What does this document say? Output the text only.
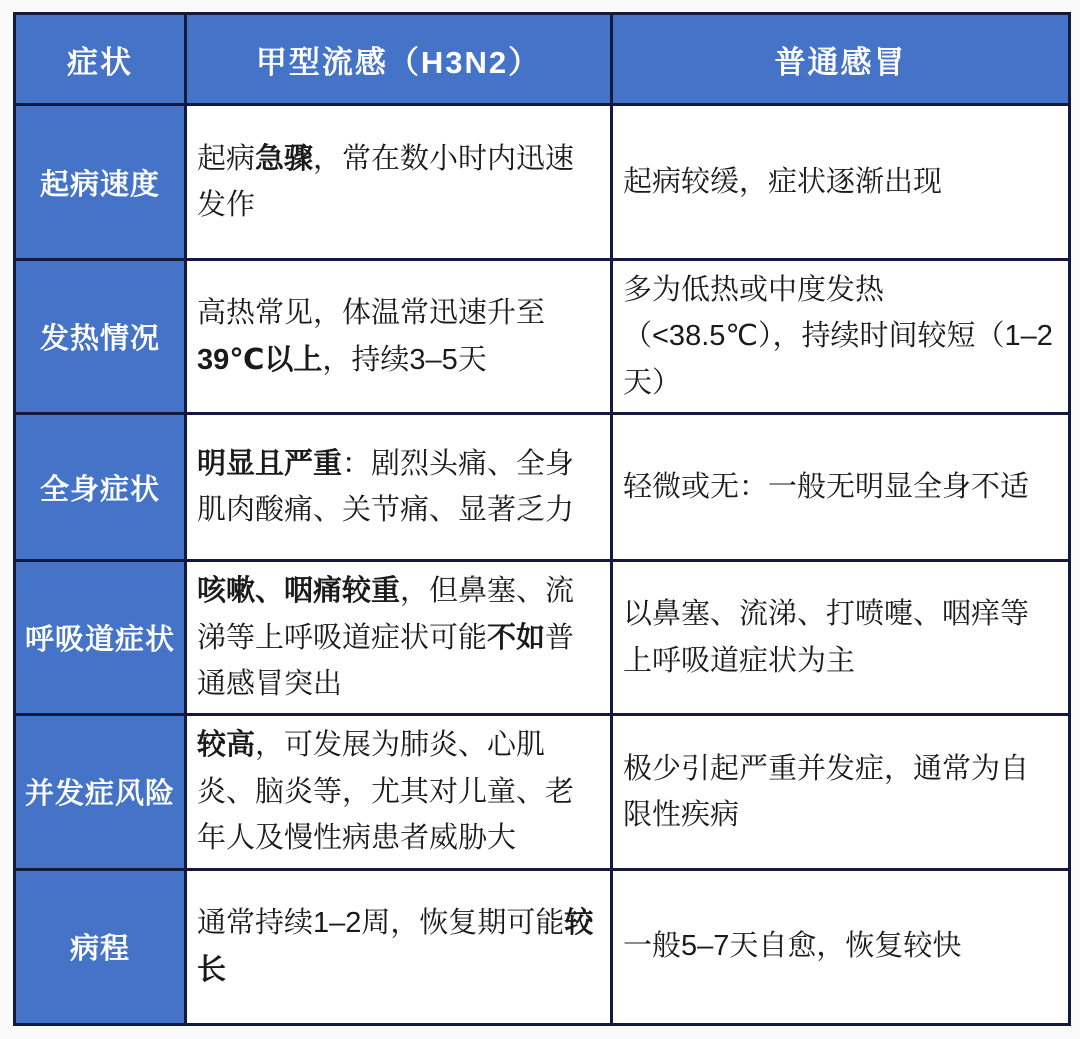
症状	甲型流感（H3N2）	普通感冒
起病速度	起病急骤，常在数小时内迅速发作	起病较缓，症状逐渐出现
发热情况	高热常见，体温常迅速升至39℃以上，持续3–5天	多为低热或中度发热（<38.5℃），持续时间较短（1–2天）
全身症状	明显且严重：剧烈头痛、全身肌肉酸痛、关节痛、显著乏力	轻微或无：一般无明显全身不适
呼吸道症状	咳嗽、咽痛较重，但鼻塞、流涕等上呼吸道症状可能不如普通感冒突出	以鼻塞、流涕、打喷嚏、咽痒等上呼吸道症状为主
并发症风险	较高，可发展为肺炎、心肌炎、脑炎等，尤其对儿童、老年人及慢性病患者威胁大	极少引起严重并发症，通常为自限性疾病
病程	通常持续1–2周，恢复期可能较长	一般5–7天自愈，恢复较快
